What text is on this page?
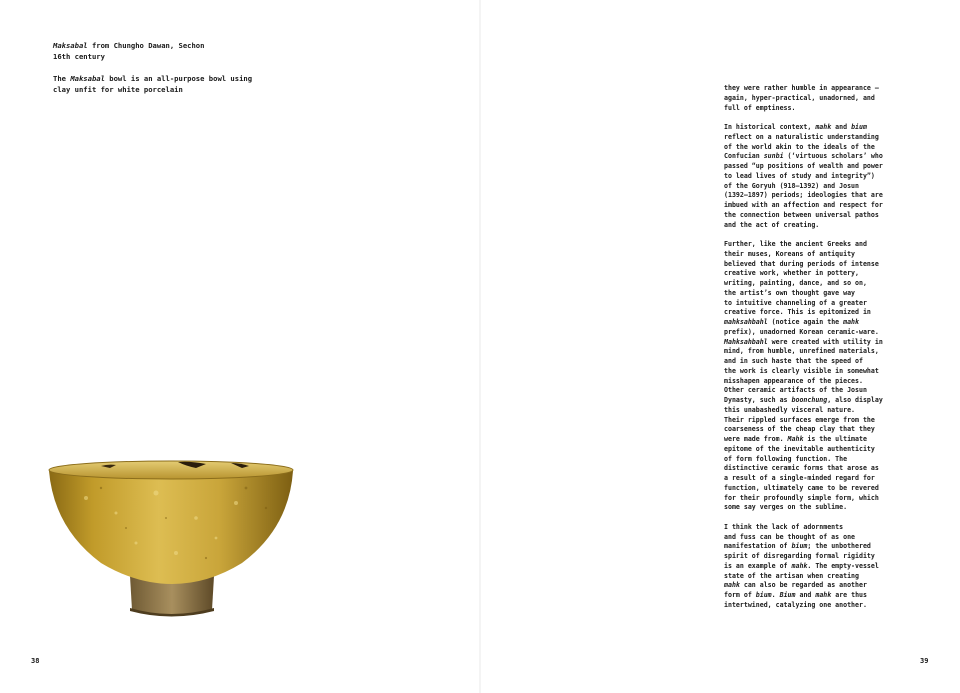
Maksabal from Chungho Dawan, Sechon

16th century

The Maksabal bowl is an all-purpose bowl using

clay unfit for white porcelain

38

they were rather humble in appearance –
again, hyper-practical, unadorned, and
full of emptiness.

In historical context, mahk and bium
reflect on a naturalistic understanding
of the world akin to the ideals of the
Confucian sunbi (‘virtuous scholars’ who
passed “up positions of wealth and power
to lead lives of study and integrity”)
of the Goryuh (918–1392) and Josun
(1392–1897) periods; ideologies that are
imbued with an affection and respect for
the connection between universal pathos
and the act of creating.

Further, like the ancient Greeks and
their muses, Koreans of antiquity
believed that during periods of intense
creative work, whether in pottery,
writing, painting, dance, and so on,
the artist’s own thought gave way
to intuitive channeling of a greater
creative force. This is epitomized in
mahksahbahl (notice again the mahk
prefix), unadorned Korean ceramic-ware.
Mahksahbahl were created with utility in
mind, from humble, unrefined materials,
and in such haste that the speed of
the work is clearly visible in somewhat
misshapen appearance of the pieces.
Other ceramic artifacts of the Josun
Dynasty, such as boonchung, also display
this unabashedly visceral nature.
Their rippled surfaces emerge from the
coarseness of the cheap clay that they
were made from. Mahk is the ultimate
epitome of the inevitable authenticity
of form following function. The
distinctive ceramic forms that arose as
a result of a single-minded regard for
function, ultimately came to be revered
for their profoundly simple form, which
some say verges on the sublime.

I think the lack of adornments
and fuss can be thought of as one
manifestation of bium; the unbothered
spirit of disregarding formal rigidity
is an example of mahk. The empty-vessel
state of the artisan when creating
mahk can also be regarded as another
form of bium. Bium and mahk are thus
intertwined, catalyzing one another.

39
